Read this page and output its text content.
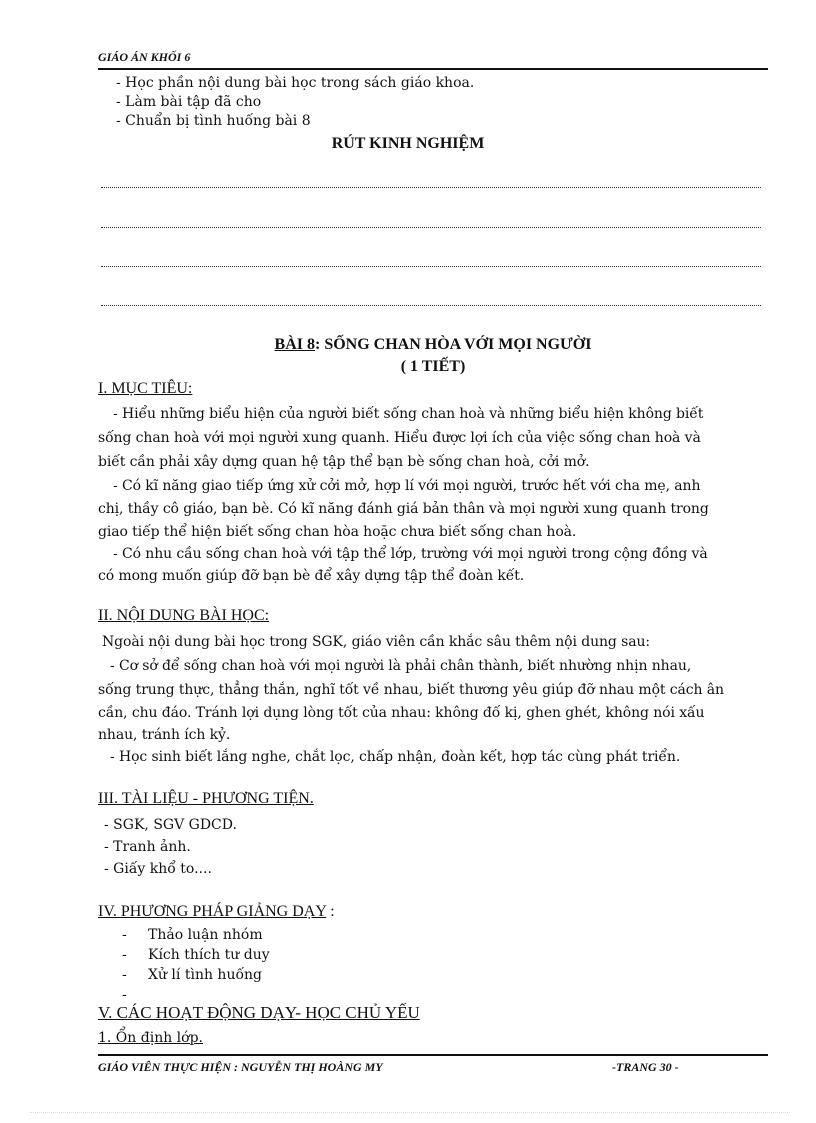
GIÁO ÁN KHỐI 6
- Học phần nội dung bài học trong sách giáo khoa.
- Làm bài tập đã cho
- Chuẩn bị tình huống bài 8
RÚT KINH NGHIỆM
BÀI 8: SỐNG CHAN HÒA VỚI MỌI NGƯỜI
( 1 TIẾT)
I. MỤC TIÊU:
- Hiểu những biểu hiện của người biết sống chan hoà và những biểu hiện không biết
sống chan hoà với mọi người xung quanh. Hiểu được lợi ích của việc sống chan hoà và
biết cần phải xây dựng quan hệ tập thể bạn bè sống chan hoà, cởi mở.
- Có kĩ năng giao tiếp ứng xử cởi mở, hợp lí với mọi người, trước hết với cha mẹ, anh
chị, thầy cô giáo, bạn bè. Có kĩ năng đánh giá bản thân và mọi người xung quanh trong
giao tiếp thể hiện biết sống chan hòa hoặc chưa biết sống chan hoà.
- Có nhu cầu sống chan hoà với tập thể lớp, trường với mọi người trong cộng đồng và
có mong muốn giúp đỡ bạn bè để xây dựng tập thể đoàn kết.
II. NỘI DUNG BÀI HỌC:
Ngoài nội dung bài học trong SGK, giáo viên cần khắc sâu thêm nội dung sau:
- Cơ sở để sống chan hoà với mọi người là phải chân thành, biết nhường nhịn nhau,
sống trung thực, thẳng thắn, nghĩ tốt về nhau, biết thương yêu giúp đỡ nhau một cách ân
cần, chu đáo. Tránh lợi dụng lòng tốt của nhau: không đố kị, ghen ghét, không nói xấu
nhau, tránh ích kỷ.
- Học sinh biết lắng nghe, chắt lọc, chấp nhận, đoàn kết, hợp tác cùng phát triển.
III. TÀI LIỆU - PHƯƠNG TIỆN.
- SGK, SGV GDCD.
- Tranh ảnh.
- Giấy khổ to....
IV. PHƯƠNG PHÁP GIẢNG DẠY :
- Thảo luận nhóm
- Kích thích tư duy
- Xử lí tình huống
-
V. CÁC HOẠT ĐỘNG DẠY- HỌC CHỦ YẾU
1. Ổn định lớp.
GIÁO VIÊN THỰC HIỆN : NGUYỄN THỊ HOÀNG MY	-TRANG 30 -
